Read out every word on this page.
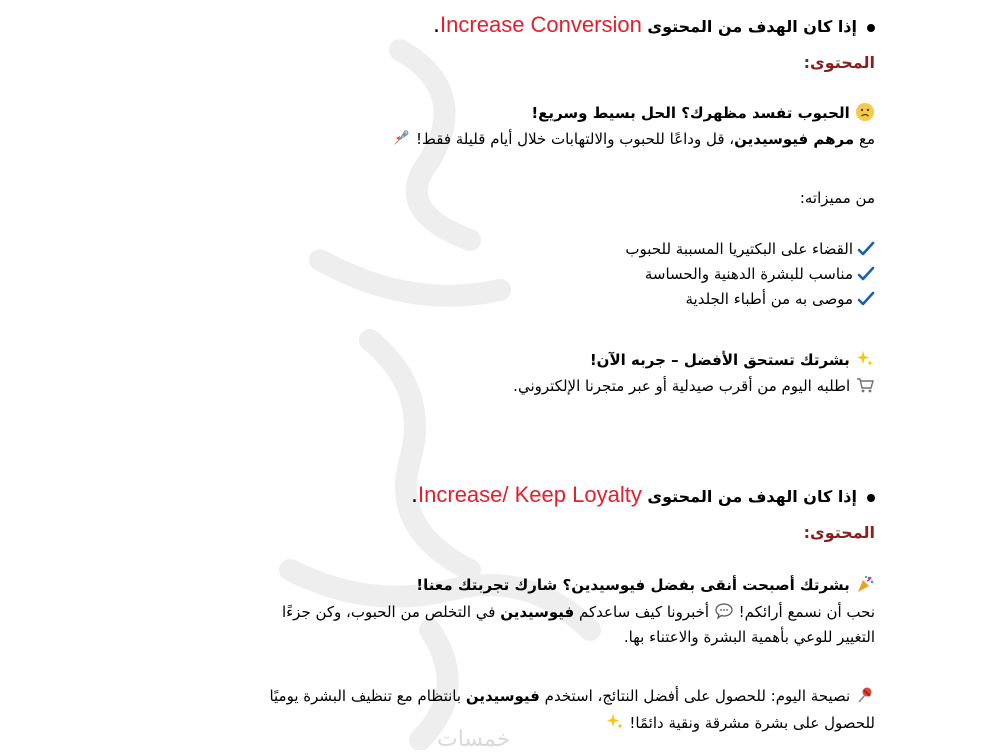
خمسات
إذا كان الهدف من المحتوى Increase Conversion.
المحتوى:
الحبوب تفسد مظهرك؟ الحل بسيط وسريع!
مع مرهم فيوسيدين، قل وداعًا للحبوب والالتهابات خلال أيام قليلة فقط!
من مميزاته:
القضاء على البكتيريا المسببة للحبوب
مناسب للبشرة الدهنية والحساسة
موصى به من أطباء الجلدية
بشرتك تستحق الأفضل – جربه الآن!
اطلبه اليوم من أقرب صيدلية أو عبر متجرنا الإلكتروني.
إذا كان الهدف من المحتوى Increase/ Keep Loyalty.
المحتوى:
بشرتك أصبحت أنقى بفضل فيوسيدين؟ شارك تجربتك معنا!
نحب أن نسمع أرائكم!  أخبرونا كيف ساعدكم فيوسيدين في التخلص من الحبوب، وكن جزءًا
التغيير للوعي بأهمية البشرة والاعتناء بها.
نصيحة اليوم: للحصول على أفضل النتائج، استخدم فيوسيدين بانتظام مع تنظيف البشرة يوميًا
للحصول على بشرة مشرقة ونقية دائمًا!
